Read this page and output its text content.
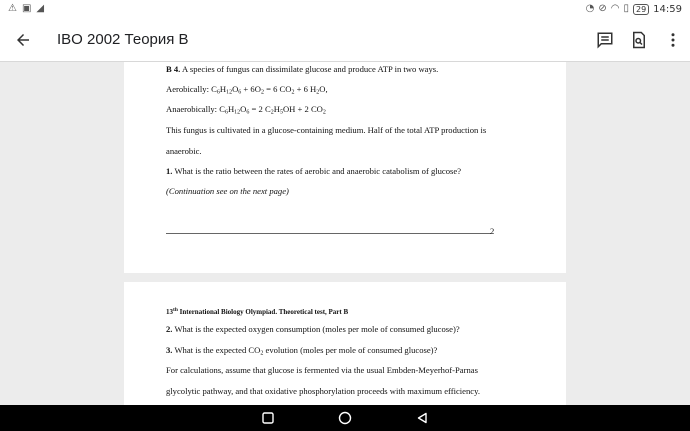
⚠ ▣ ◢	◔ ⊘ ◠ ▯ 29 14:59
IBO 2002 Теория В
B 4. A species of fungus can dissimilate glucose and produce ATP in two ways.
Aerobically: $C_6H_{12}O_6 + 6O_2 = 6$ $CO_2 + 6$ $H_2O$,
Anaerobically: $C_6H_{12}O_6 = 2$ $C_2H_5OH + 2$ $CO_2$
This fungus is cultivated in a glucose-containing medium. Half of the total ATP production is
anaerobic.
1. What is the ratio between the rates of aerobic and anaerobic catabolism of glucose?
(Continuation see on the next page)
2
13th International Biology Olympiad. Theoretical test, Part B
2. What is the expected oxygen consumption (moles per mole of consumed glucose)?
3. What is the expected $CO_2$ evolution (moles per mole of consumed glucose)?
For calculations, assume that glucose is fermented via the usual Embden-Meyerhof-Parnas
glycolytic pathway, and that oxidative phosphorylation proceeds with maximum efficiency.
